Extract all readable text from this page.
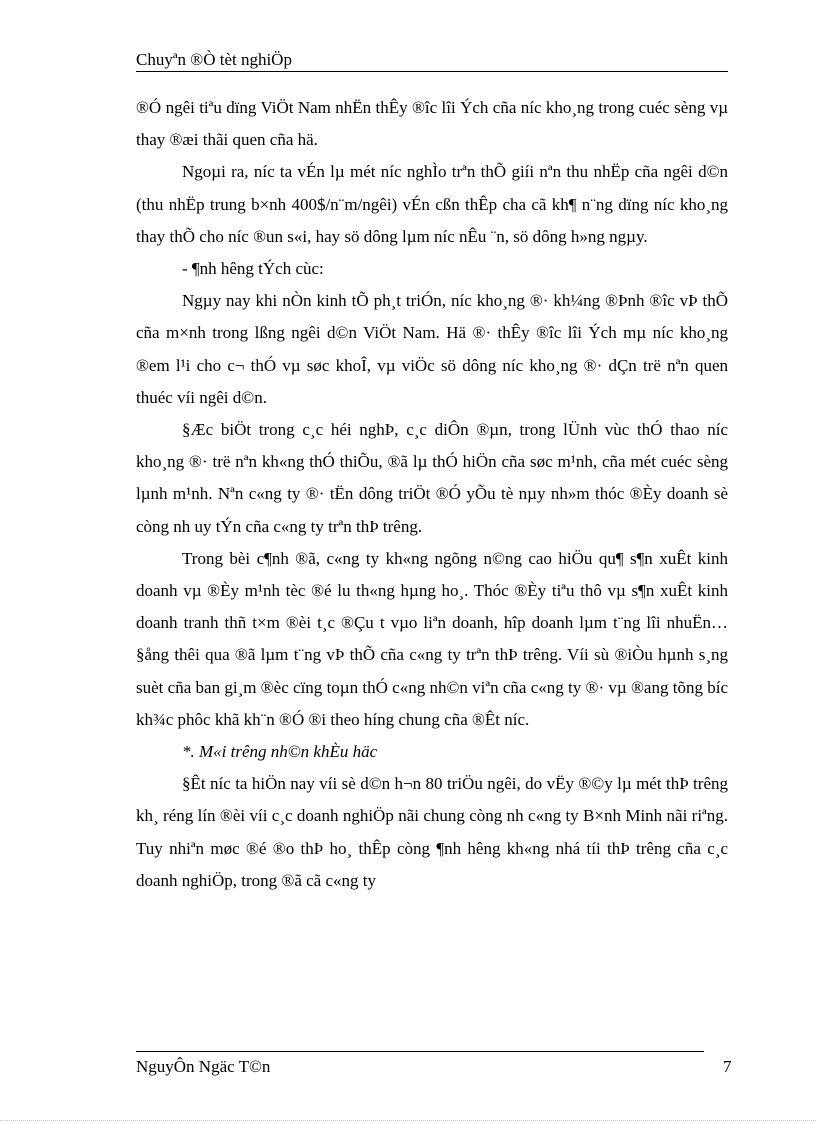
Chuyªn ®Ò tèt nghiÖp

®Ó ngêi tiªu dïng ViÖt Nam nhËn thÊy ®îc lîi Ých cña níc kho¸ng trong cuéc sèng vµ thay ®æi thãi quen cña hä.

Ngoµi ra, níc ta vÉn lµ mét níc nghÌo trªn thÕ giíi nªn thu nhËp cña ngêi d©n (thu nhËp trung b×nh 400$/n¨m/ngêi) vÉn cßn thÊp cha cã kh¶ n¨ng dïng níc kho¸ng thay thÕ cho níc ®un s«i, hay sö dông lµm níc nÊu ¨n, sö dông h»ng ngµy.

- ¶nh hêng tÝch cùc:

Ngµy nay khi nÒn kinh tÕ ph¸t triÓn, níc kho¸ng ®· kh¼ng ®Þnh ®îc vÞ thÕ cña m×nh trong lßng ngêi d©n ViÖt Nam. Hä ®· thÊy ®îc lîi Ých mµ níc kho¸ng ®em l¹i cho c¬ thÓ vµ søc khoÎ, vµ viÖc sö dông níc kho¸ng ®· dÇn trë nªn quen thuéc víi ngêi d©n.

§Æc biÖt trong c¸c héi nghÞ, c¸c diÔn ®µn, trong lÜnh vùc thÓ thao níc kho¸ng ®· trë nªn kh«ng thÓ thiÕu, ®ã lµ thÓ hiÖn cña søc m¹nh, cña mét cuéc sèng lµnh m¹nh. Nªn c«ng ty ®· tËn dông triÖt ®Ó yÕu tè nµy nh»m thóc ®Èy doanh sè còng nh uy tÝn cña c«ng ty trªn thÞ trêng.

Trong bèi c¶nh ®ã, c«ng ty kh«ng ngõng n©ng cao hiÖu qu¶ s¶n xuÊt kinh doanh vµ ®Èy m¹nh tèc ®é lu th«ng hµng ho¸. Thóc ®Èy tiªu thô vµ s¶n xuÊt kinh doanh tranh thñ t×m ®èi t¸c ®Çu t vµo liªn doanh, hîp doanh lµm t¨ng lîi nhuËn… §ång thêi qua ®ã lµm t¨ng vÞ thÕ cña c«ng ty trªn thÞ trêng. Víi sù ®iÒu hµnh s¸ng suèt cña ban gi¸m ®èc cïng toµn thÓ c«ng nh©n viªn cña c«ng ty ®· vµ ®ang tõng bíc kh¾c phôc khã kh¨n ®Ó ®i theo híng chung cña ®Êt níc.

*. M«i trêng nh©n khÈu häc

§Êt níc ta hiÖn nay víi sè d©n h¬n 80 triÖu ngêi, do vËy ®©y lµ mét thÞ trêng kh¸ réng lín ®èi víi c¸c doanh nghiÖp nãi chung còng nh c«ng ty B×nh Minh nãi riªng. Tuy nhiªn møc ®é ®o thÞ ho¸ thÊp còng ¶nh hêng kh«ng nhá tíi thÞ trêng cña c¸c doanh nghiÖp, trong ®ã cã c«ng ty

NguyÔn Ngäc T©n	7
